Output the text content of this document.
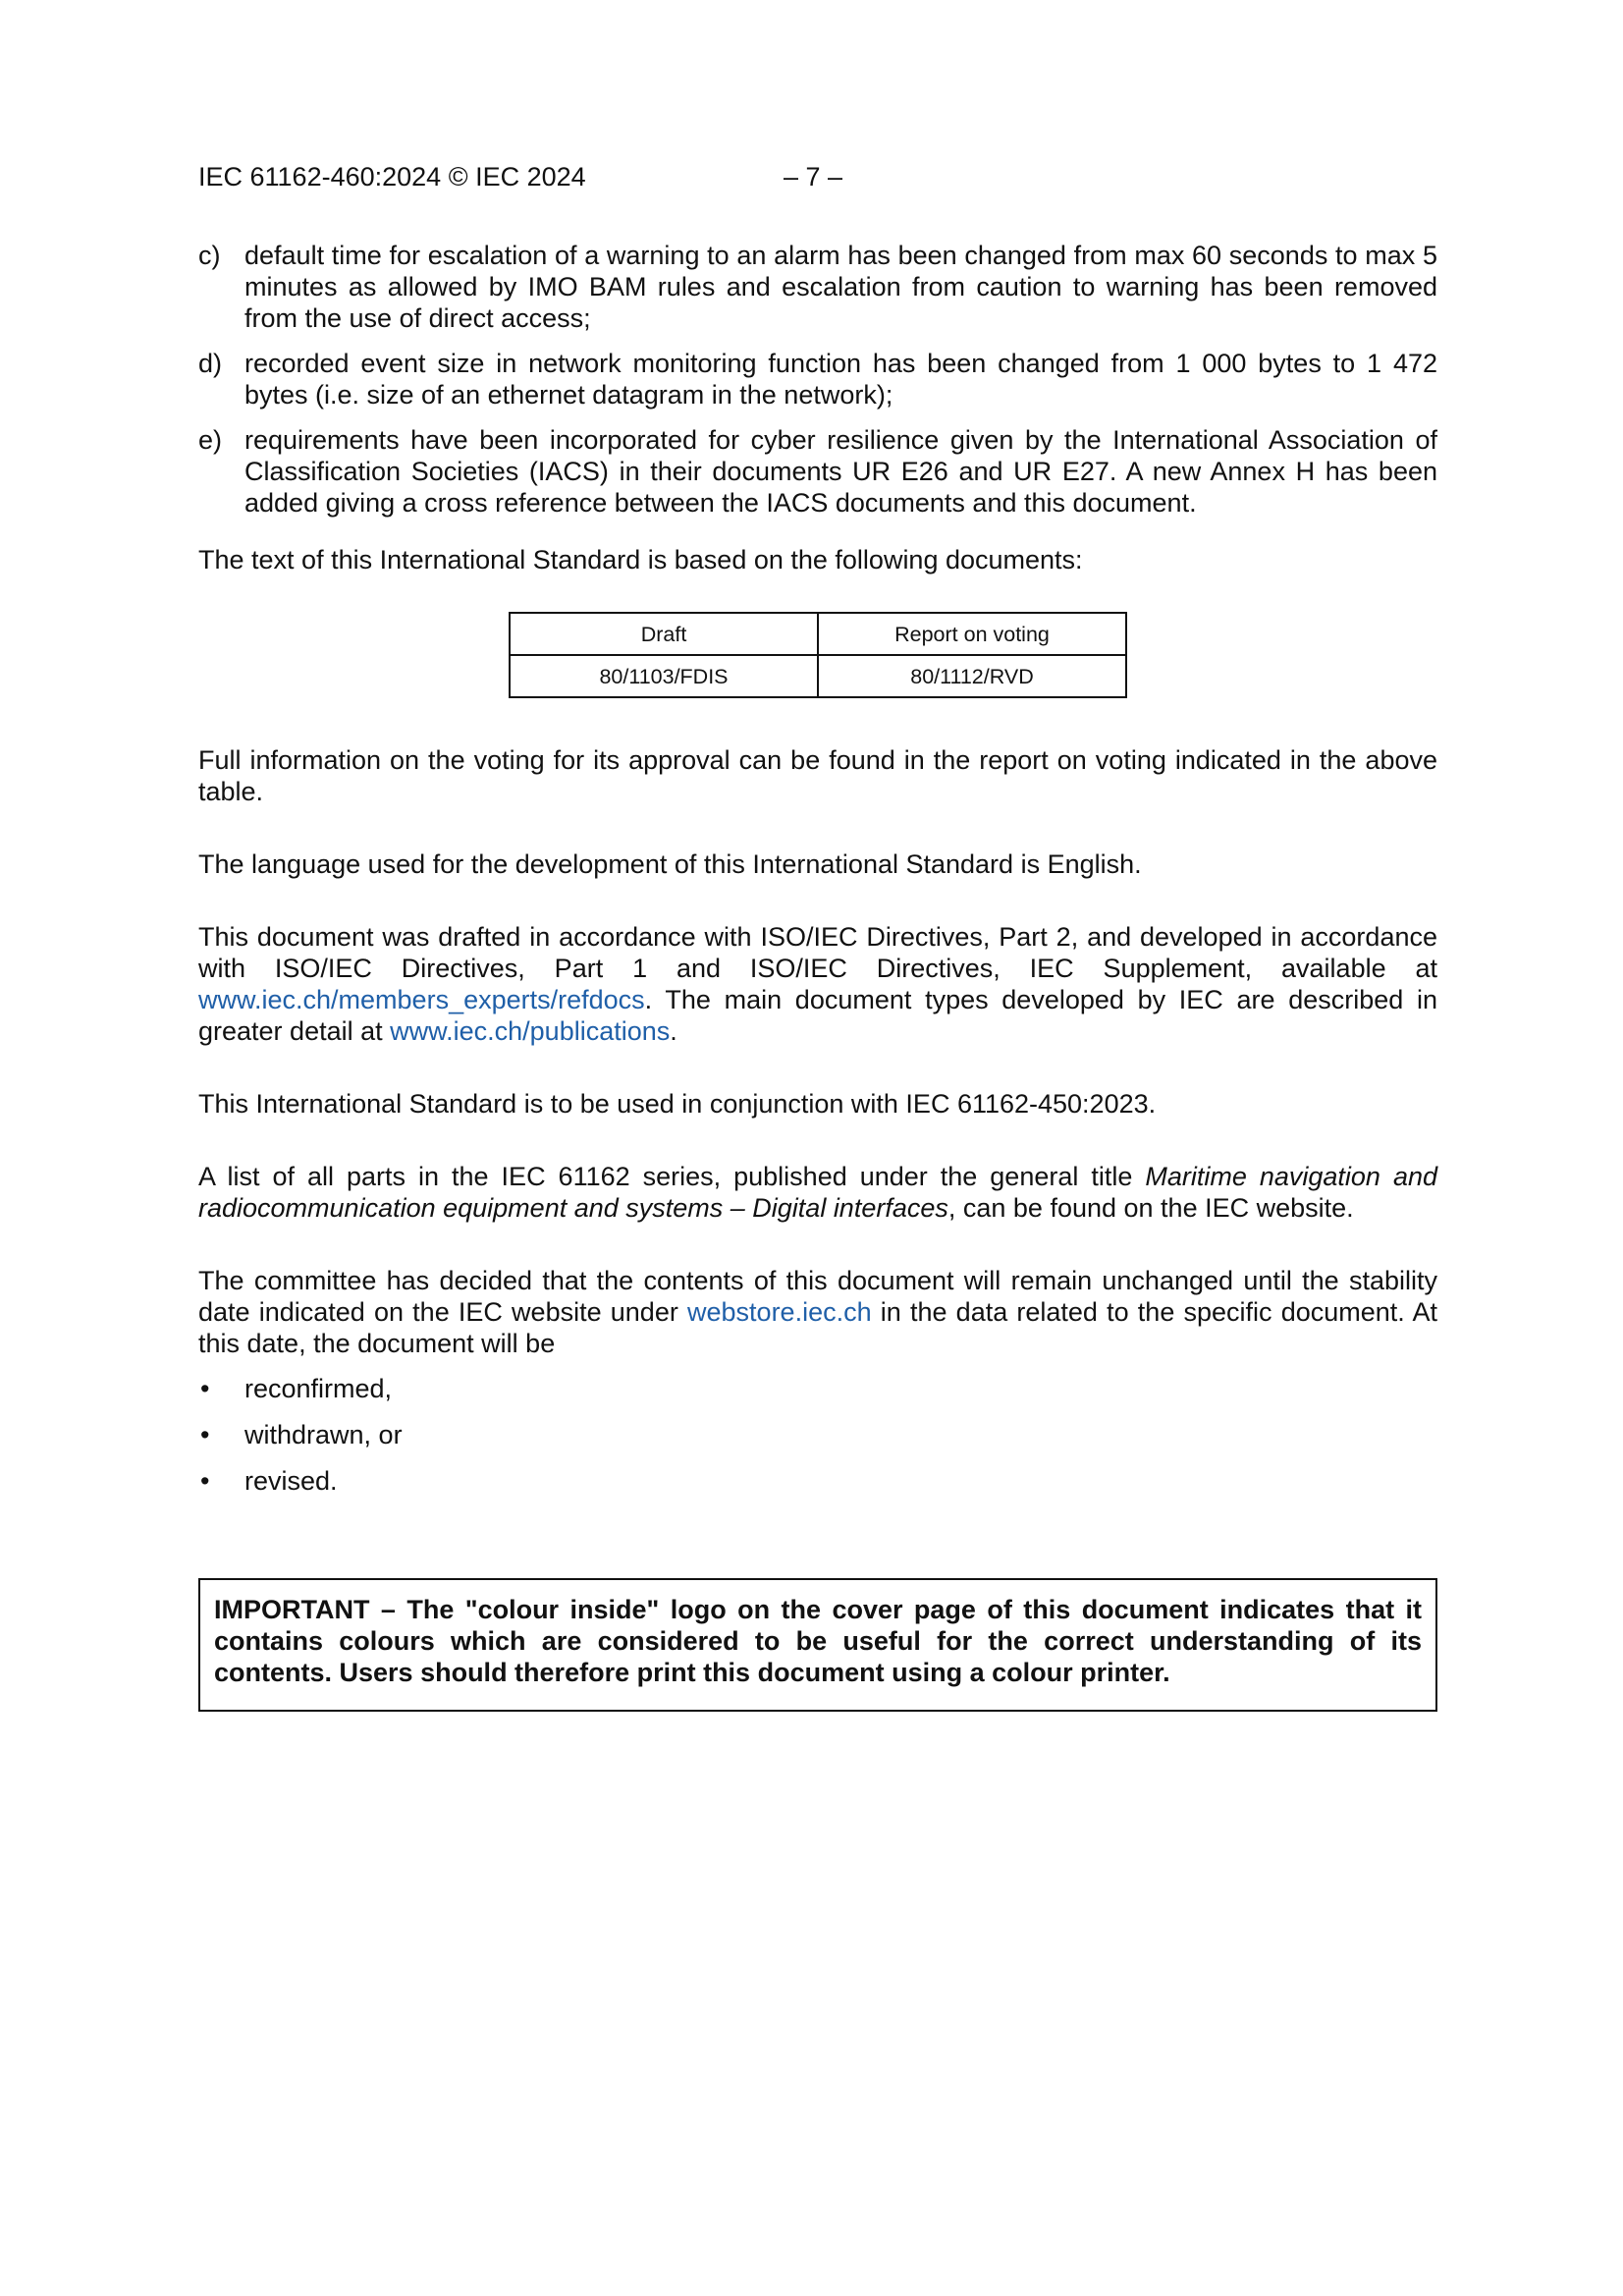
IEC 61162-460:2024 © IEC 2024	– 7 –
c) default time for escalation of a warning to an alarm has been changed from max 60 seconds to max 5 minutes as allowed by IMO BAM rules and escalation from caution to warning has been removed from the use of direct access;
d) recorded event size in network monitoring function has been changed from 1 000 bytes to 1 472 bytes (i.e. size of an ethernet datagram in the network);
e) requirements have been incorporated for cyber resilience given by the International Association of Classification Societies (IACS) in their documents UR E26 and UR E27. A new Annex H has been added giving a cross reference between the IACS documents and this document.

The text of this International Standard is based on the following documents:

Draft	Report on voting
80/1103/FDIS	80/1112/RVD

Full information on the voting for its approval can be found in the report on voting indicated in the above table.

The language used for the development of this International Standard is English.

This document was drafted in accordance with ISO/IEC Directives, Part 2, and developed in accordance with ISO/IEC Directives, Part 1 and ISO/IEC Directives, IEC Supplement, available at www.iec.ch/members_experts/refdocs. The main document types developed by IEC are described in greater detail at www.iec.ch/publications.

This International Standard is to be used in conjunction with IEC 61162-450:2023.

A list of all parts in the IEC 61162 series, published under the general title Maritime navigation and radiocommunication equipment and systems – Digital interfaces, can be found on the IEC website.

The committee has decided that the contents of this document will remain unchanged until the stability date indicated on the IEC website under webstore.iec.ch in the data related to the specific document. At this date, the document will be

•	reconfirmed,
•	withdrawn, or
•	revised.
IMPORTANT – The "colour inside" logo on the cover page of this document indicates that it contains colours which are considered to be useful for the correct understanding of its contents. Users should therefore print this document using a colour printer.
